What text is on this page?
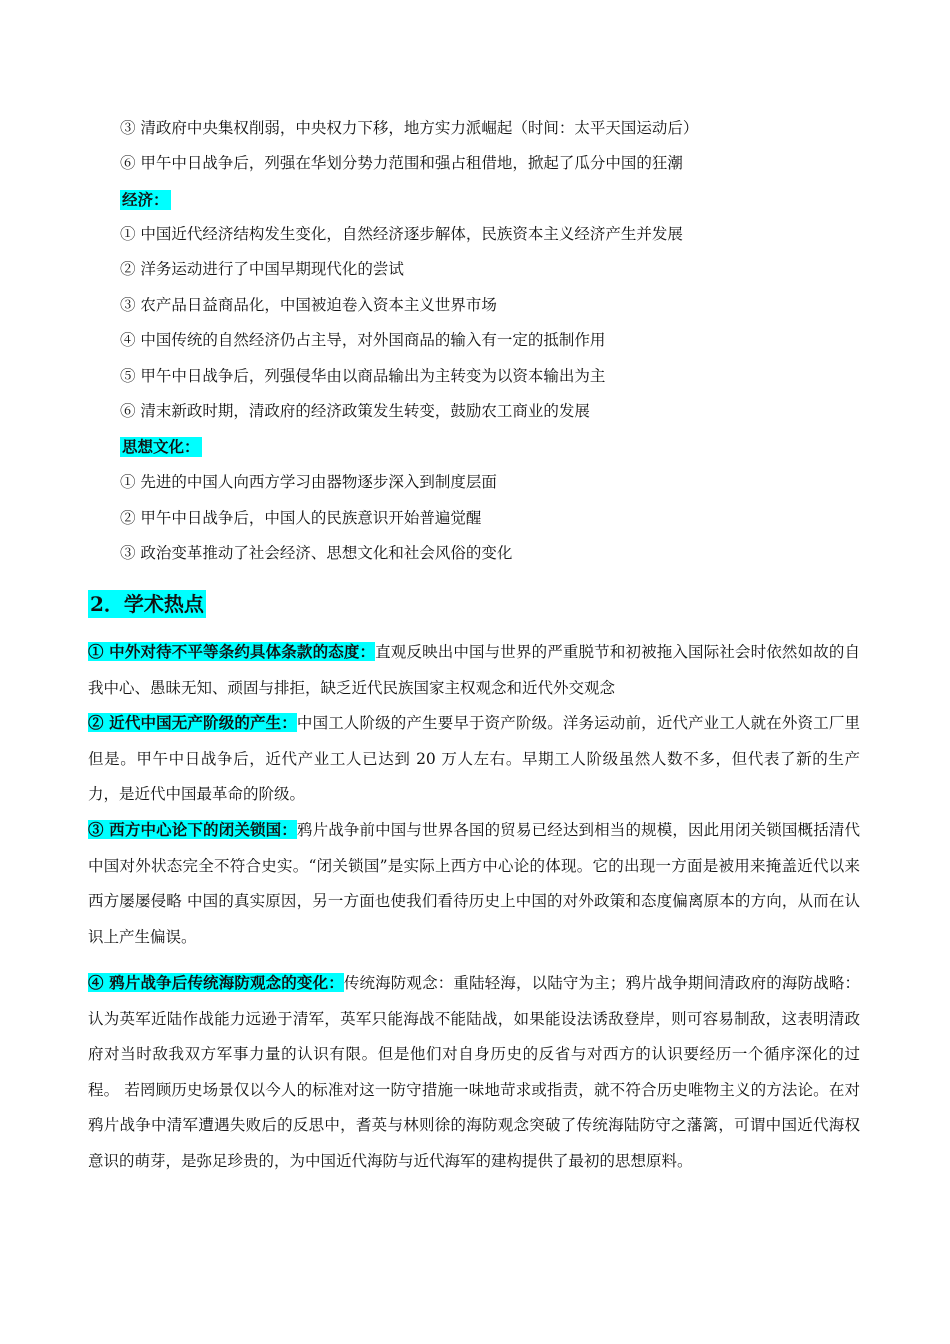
③ 清政府中央集权削弱，中央权力下移，地方实力派崛起（时间：太平天国运动后）
⑥ 甲午中日战争后，列强在华划分势力范围和强占租借地，掀起了瓜分中国的狂潮
经济：
① 中国近代经济结构发生变化，自然经济逐步解体，民族资本主义经济产生并发展
② 洋务运动进行了中国早期现代化的尝试
③ 农产品日益商品化，中国被迫卷入资本主义世界市场
④ 中国传统的自然经济仍占主导，对外国商品的输入有一定的抵制作用
⑤ 甲午中日战争后，列强侵华由以商品输出为主转变为以资本输出为主
⑥ 清末新政时期，清政府的经济政策发生转变，鼓励农工商业的发展
思想文化：
① 先进的中国人向西方学习由器物逐步深入到制度层面
② 甲午中日战争后，中国人的民族意识开始普遍觉醒
③ 政治变革推动了社会经济、思想文化和社会风俗的变化
2．学术热点
① 中外对待不平等条约具体条款的态度：直观反映出中国与世界的严重脱节和初被拖入国际社会时依然如故的自我中心、愚昧无知、顽固与排拒，缺乏近代民族国家主权观念和近代外交观念
② 近代中国无产阶级的产生：中国工人阶级的产生要早于资产阶级。洋务运动前，近代产业工人就在外资工厂里但是。甲午中日战争后，近代产业工人已达到 20 万人左右。早期工人阶级虽然人数不多，但代表了新的生产力，是近代中国最革命的阶级。
③ 西方中心论下的闭关锁国：鸦片战争前中国与世界各国的贸易已经达到相当的规模，因此用闭关锁国概括清代中国对外状态完全不符合史实。“闭关锁国”是实际上西方中心论的体现。它的出现一方面是被用来掩盖近代以来西方屡屡侵略 中国的真实原因，另一方面也使我们看待历史上中国的对外政策和态度偏离原本的方向，从而在认识上产生偏误。
④ 鸦片战争后传统海防观念的变化：传统海防观念：重陆轻海，以陆守为主；鸦片战争期间清政府的海防战略：认为英军近陆作战能力远逊于清军，英军只能海战不能陆战，如果能设法诱敌登岸，则可容易制敌，这表明清政府对当时敌我双方军事力量的认识有限。但是他们对自身历史的反省与对西方的认识要经历一个循序深化的过程。 若罔顾历史场景仅以今人的标准对这一防守措施一味地苛求或指责，就不符合历史唯物主义的方法论。在对鸦片战争中清军遭遇失败后的反思中，耆英与林则徐的海防观念突破了传统海陆防守之藩篱，可谓中国近代海权意识的萌芽，是弥足珍贵的，为中国近代海防与近代海军的建构提供了最初的思想原料。
